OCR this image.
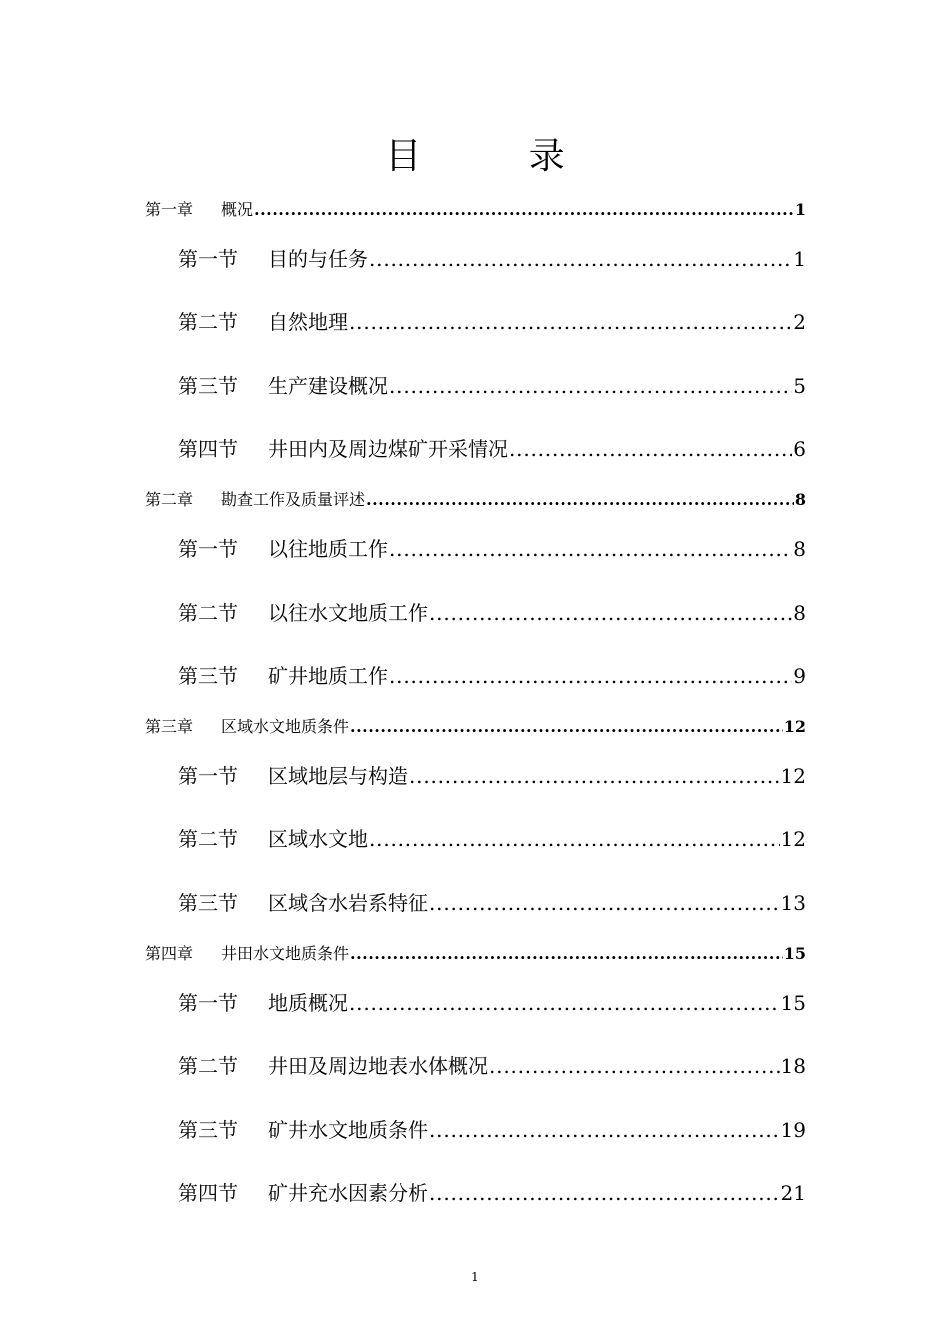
目 录
第一章	概况 .....	1
第一节	目的与任务 .....	1
第二节	自然地理 .....	2
第三节	生产建设概况 .....	5
第四节	井田内及周边煤矿开采情况 .....	6
第二章	勘查工作及质量评述 .....	8
第一节	以往地质工作 .....	8
第二节	以往水文地质工作 .....	8
第三节	矿井地质工作 .....	9
第三章	区域水文地质条件 .....	12
第一节	区域地层与构造 .....	12
第二节	区域水文地 .....	12
第三节	区域含水岩系特征 .....	13
第四章	井田水文地质条件 .....	15
第一节	地质概况 .....	15
第二节	井田及周边地表水体概况 .....	18
第三节	矿井水文地质条件 .....	19
第四节	矿井充水因素分析 .....	21
1
